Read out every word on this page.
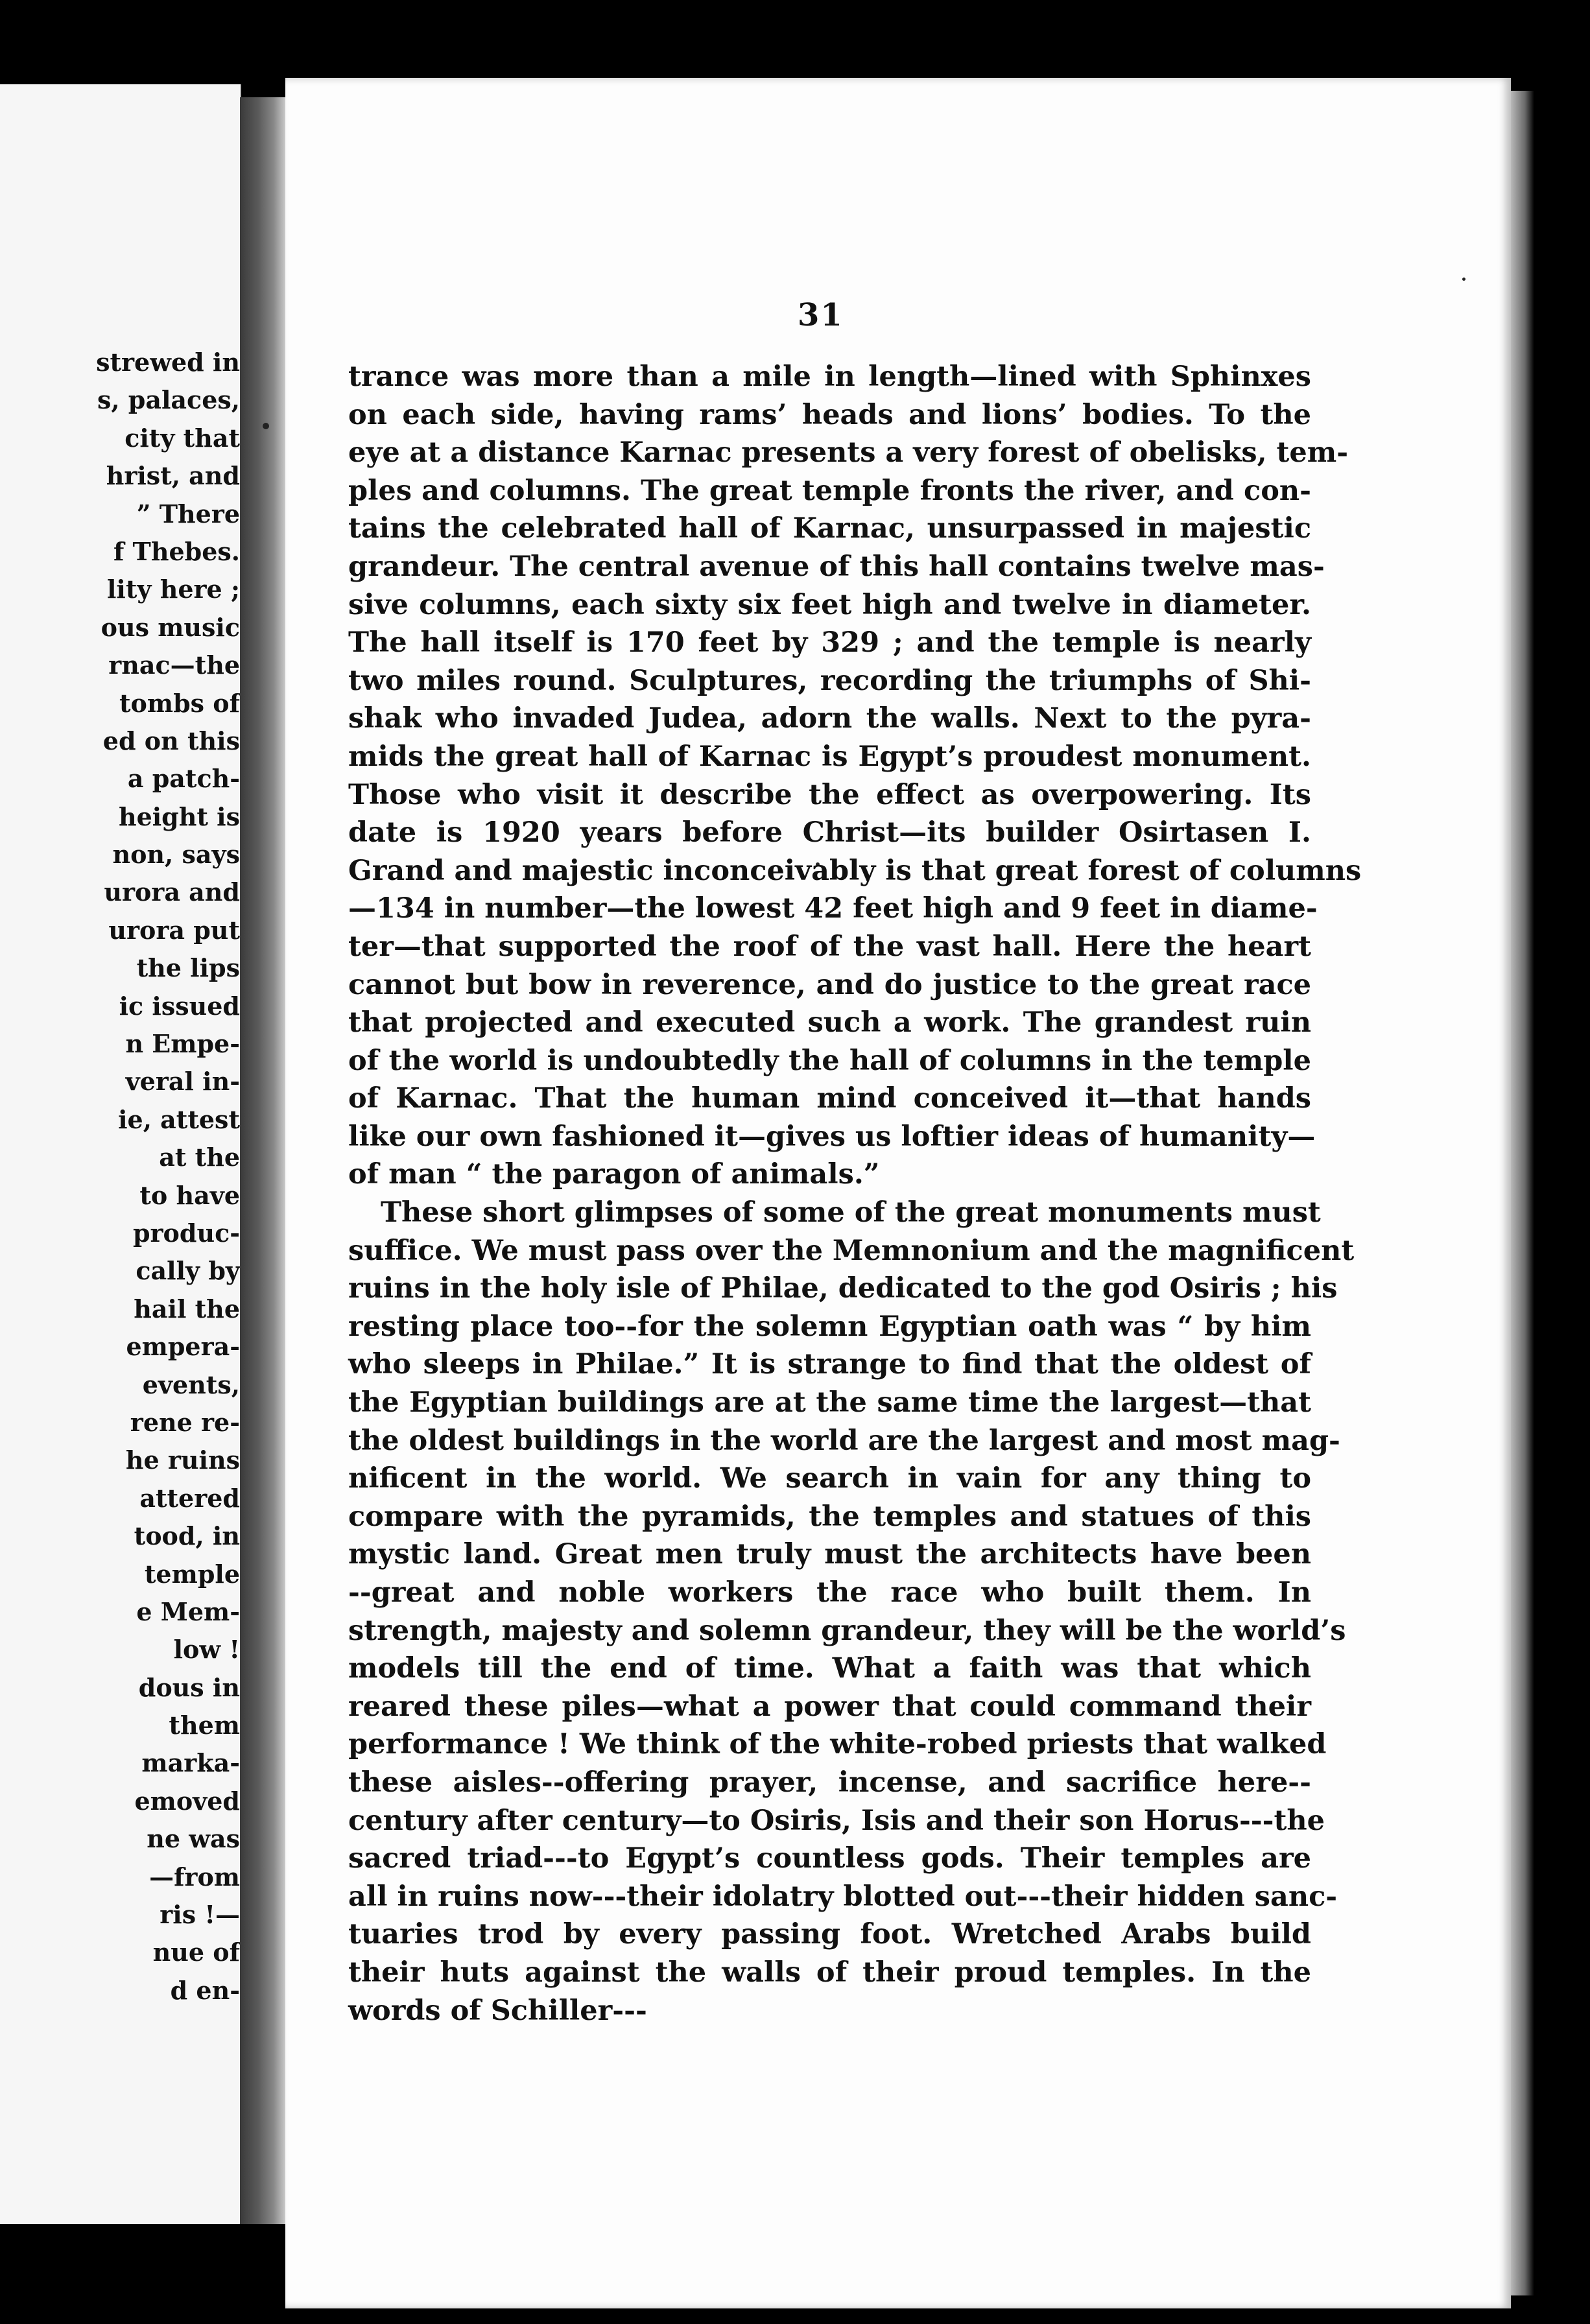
strewed in
s, palaces,
city that
hrist, and
” There
f Thebes.
lity here ;
ous music
rnac—the
tombs of
ed on this
a patch-
height is
non, says
urora and
urora put
the lips
ic issued
n Empe-
veral in-
ie, attest
at the
to have
produc-
cally by
hail the
empera-
events,
rene re-
he ruins
attered
tood, in
temple
e Mem-
low !
dous in
them
marka-
emoved
ne was
—from
ris !—
nue of
d en-
31
trance was more than a mile in length—lined with Sphinxes
on each side, having rams’ heads and lions’ bodies. To the
eye at a distance Karnac presents a very forest of obelisks, tem-
ples and columns. The great temple fronts the river, and con-
tains the celebrated hall of Karnac, unsurpassed in majestic
grandeur. The central avenue of this hall contains twelve mas-
sive columns, each sixty six feet high and twelve in diameter.
The hall itself is 170 feet by 329 ; and the temple is nearly
two miles round. Sculptures, recording the triumphs of Shi-
shak who invaded Judea, adorn the walls. Next to the pyra-
mids the great hall of Karnac is Egypt’s proudest monument.
Those who visit it describe the effect as overpowering. Its
date is 1920 years before Christ—its builder Osirtasen I.
Grand and majestic inconceivably is that great forest of columns
—134 in number—the lowest 42 feet high and 9 feet in diame-
ter—that supported the roof of the vast hall. Here the heart
cannot but bow in reverence, and do justice to the great race
that projected and executed such a work. The grandest ruin
of the world is undoubtedly the hall of columns in the temple
of Karnac. That the human mind conceived it—that hands
like our own fashioned it—gives us loftier ideas of humanity—
of man “ the paragon of animals.”
These short glimpses of some of the great monuments must
suffice. We must pass over the Memnonium and the magnificent
ruins in the holy isle of Philae, dedicated to the god Osiris ; his
resting place too--for the solemn Egyptian oath was “ by him
who sleeps in Philae.” It is strange to find that the oldest of
the Egyptian buildings are at the same time the largest—that
the oldest buildings in the world are the largest and most mag-
nificent in the world. We search in vain for any thing to
compare with the pyramids, the temples and statues of this
mystic land. Great men truly must the architects have been
--great and noble workers the race who built them. In
strength, majesty and solemn grandeur, they will be the world’s
models till the end of time. What a faith was that which
reared these piles—what a power that could command their
performance ! We think of the white-robed priests that walked
these aisles--offering prayer, incense, and sacrifice here--
century after century—to Osiris, Isis and their son Horus---the
sacred triad---to Egypt’s countless gods. Their temples are
all in ruins now---their idolatry blotted out---their hidden sanc-
tuaries trod by every passing foot. Wretched Arabs build
their huts against the walls of their proud temples. In the
words of Schiller---
